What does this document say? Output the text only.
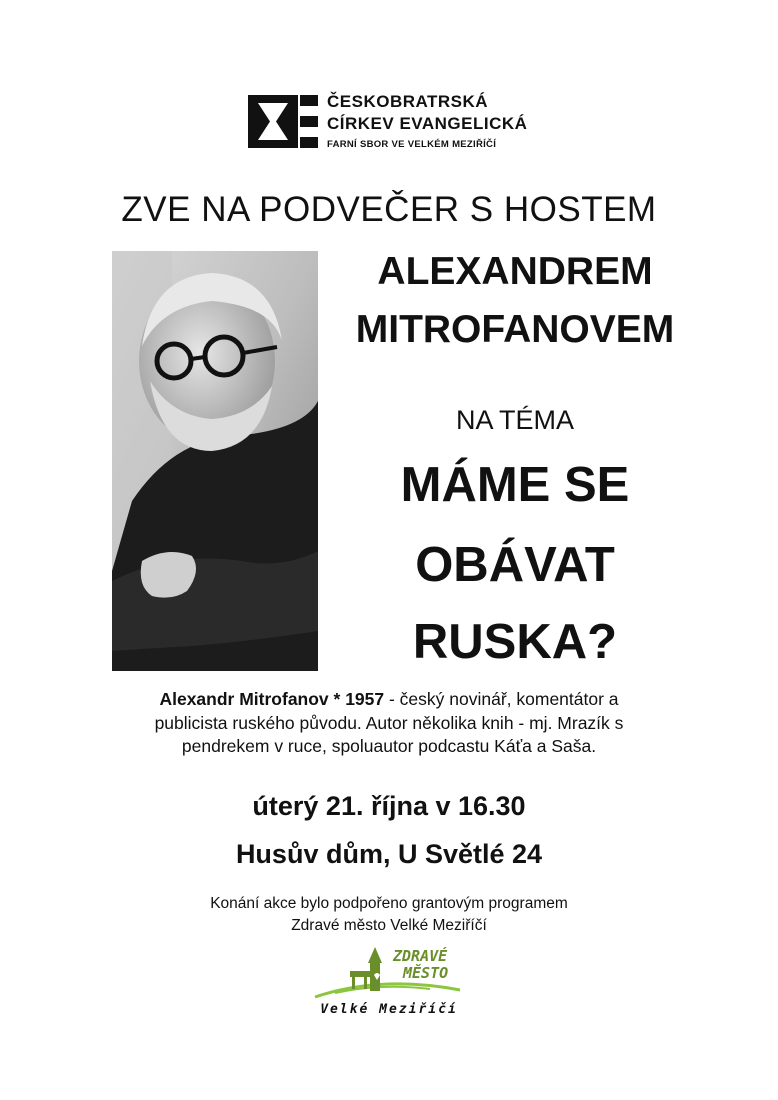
ČESKOBRATRSKÁ
CÍRKEV EVANGELICKÁ
FARNÍ SBOR VE VELKÉM MEZIŘÍČÍ
ZVE NA PODVEČER S HOSTEM
ALEXANDREM
MITROFANOVEM
NA TÉMA
MÁME SE
OBÁVAT
RUSKA?
Alexandr Mitrofanov * 1957 - český novinář, komentátor a
publicista ruského původu. Autor několika knih - mj. Mrazík s
pendrekem v ruce, spoluautor podcastu Káťa a Saša.
úterý 21. října v 16.30
Husův dům, U Světlé 24
Konání akce bylo podpořeno grantovým programem
Zdravé město Velké Meziříčí
ZDRAVÉ
MĚSTO
Velké Meziříčí
